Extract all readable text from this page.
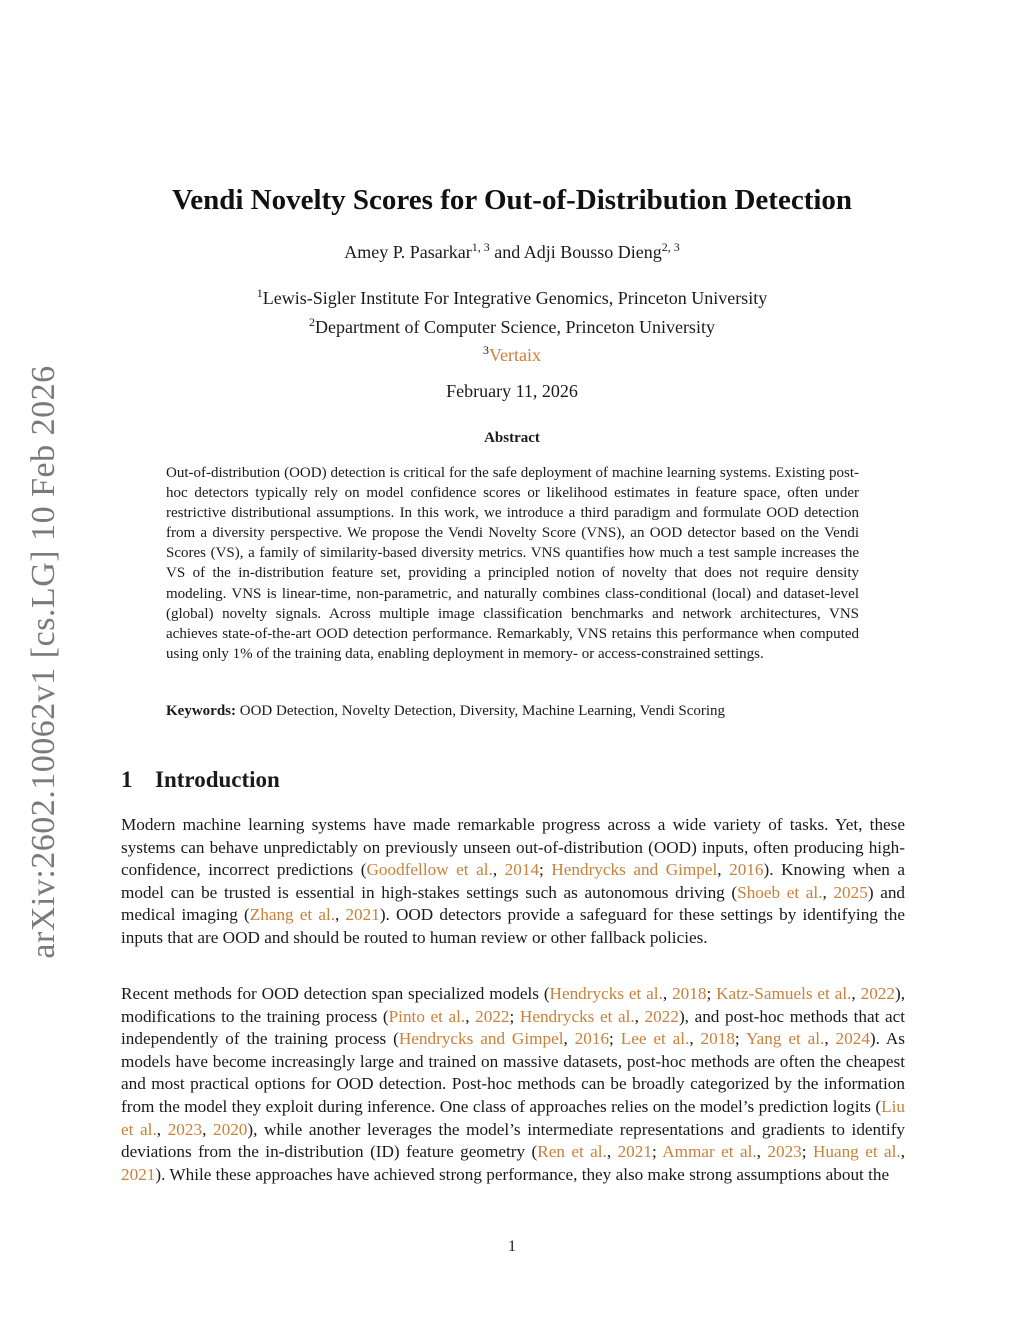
arXiv:2602.10062v1 [cs.LG] 10 Feb 2026
Vendi Novelty Scores for Out-of-Distribution Detection
Amey P. Pasarkar$^{1, 3}$ and Adji Bousso Dieng$^{2, 3}$
$^1$Lewis-Sigler Institute For Integrative Genomics, Princeton University
$^2$Department of Computer Science, Princeton University
$^3$Vertaix
February 11, 2026
Abstract
Out-of-distribution (OOD) detection is critical for the safe deployment of machine learning systems. Existing post-hoc detectors typically rely on model confidence scores or likelihood estimates in feature space, often under restrictive distributional assumptions. In this work, we introduce a third paradigm and formulate OOD detection from a diversity perspective. We propose the Vendi Novelty Score (VNS), an OOD detector based on the Vendi Scores (VS), a family of similarity-based diversity metrics. VNS quantifies how much a test sample increases the VS of the in-distribution feature set, providing a principled notion of novelty that does not require density modeling. VNS is linear-time, non-parametric, and naturally combines class-conditional (local) and dataset-level (global) novelty signals. Across multiple image classification benchmarks and network architectures, VNS achieves state-of-the-art OOD detection performance. Remarkably, VNS retains this performance when computed using only 1% of the training data, enabling deployment in memory- or access-constrained settings.
Keywords: OOD Detection, Novelty Detection, Diversity, Machine Learning, Vendi Scoring
1 Introduction

Modern machine learning systems have made remarkable progress across a wide variety of tasks. Yet, these systems can behave unpredictably on previously unseen out-of-distribution (OOD) inputs, often producing high-confidence, incorrect predictions (Goodfellow et al., 2014; Hendrycks and Gimpel, 2016). Knowing when a model can be trusted is essential in high-stakes settings such as autonomous driving (Shoeb et al., 2025) and medical imaging (Zhang et al., 2021). OOD detectors provide a safeguard for these settings by identifying the inputs that are OOD and should be routed to human review or other fallback policies.

Recent methods for OOD detection span specialized models (Hendrycks et al., 2018; Katz-Samuels et al., 2022), modifications to the training process (Pinto et al., 2022; Hendrycks et al., 2022), and post-hoc methods that act independently of the training process (Hendrycks and Gimpel, 2016; Lee et al., 2018; Yang et al., 2024). As models have become increasingly large and trained on massive datasets, post-hoc methods are often the cheapest and most practical options for OOD detection. Post-hoc methods can be broadly categorized by the information from the model they exploit during inference. One class of approaches relies on the model’s prediction logits (Liu et al., 2023, 2020), while another leverages the model’s intermediate representations and gradients to identify deviations from the in-distribution (ID) feature geometry (Ren et al., 2021; Ammar et al., 2023; Huang et al., 2021). While these approaches have achieved strong performance, they also make strong assumptions about the

1
